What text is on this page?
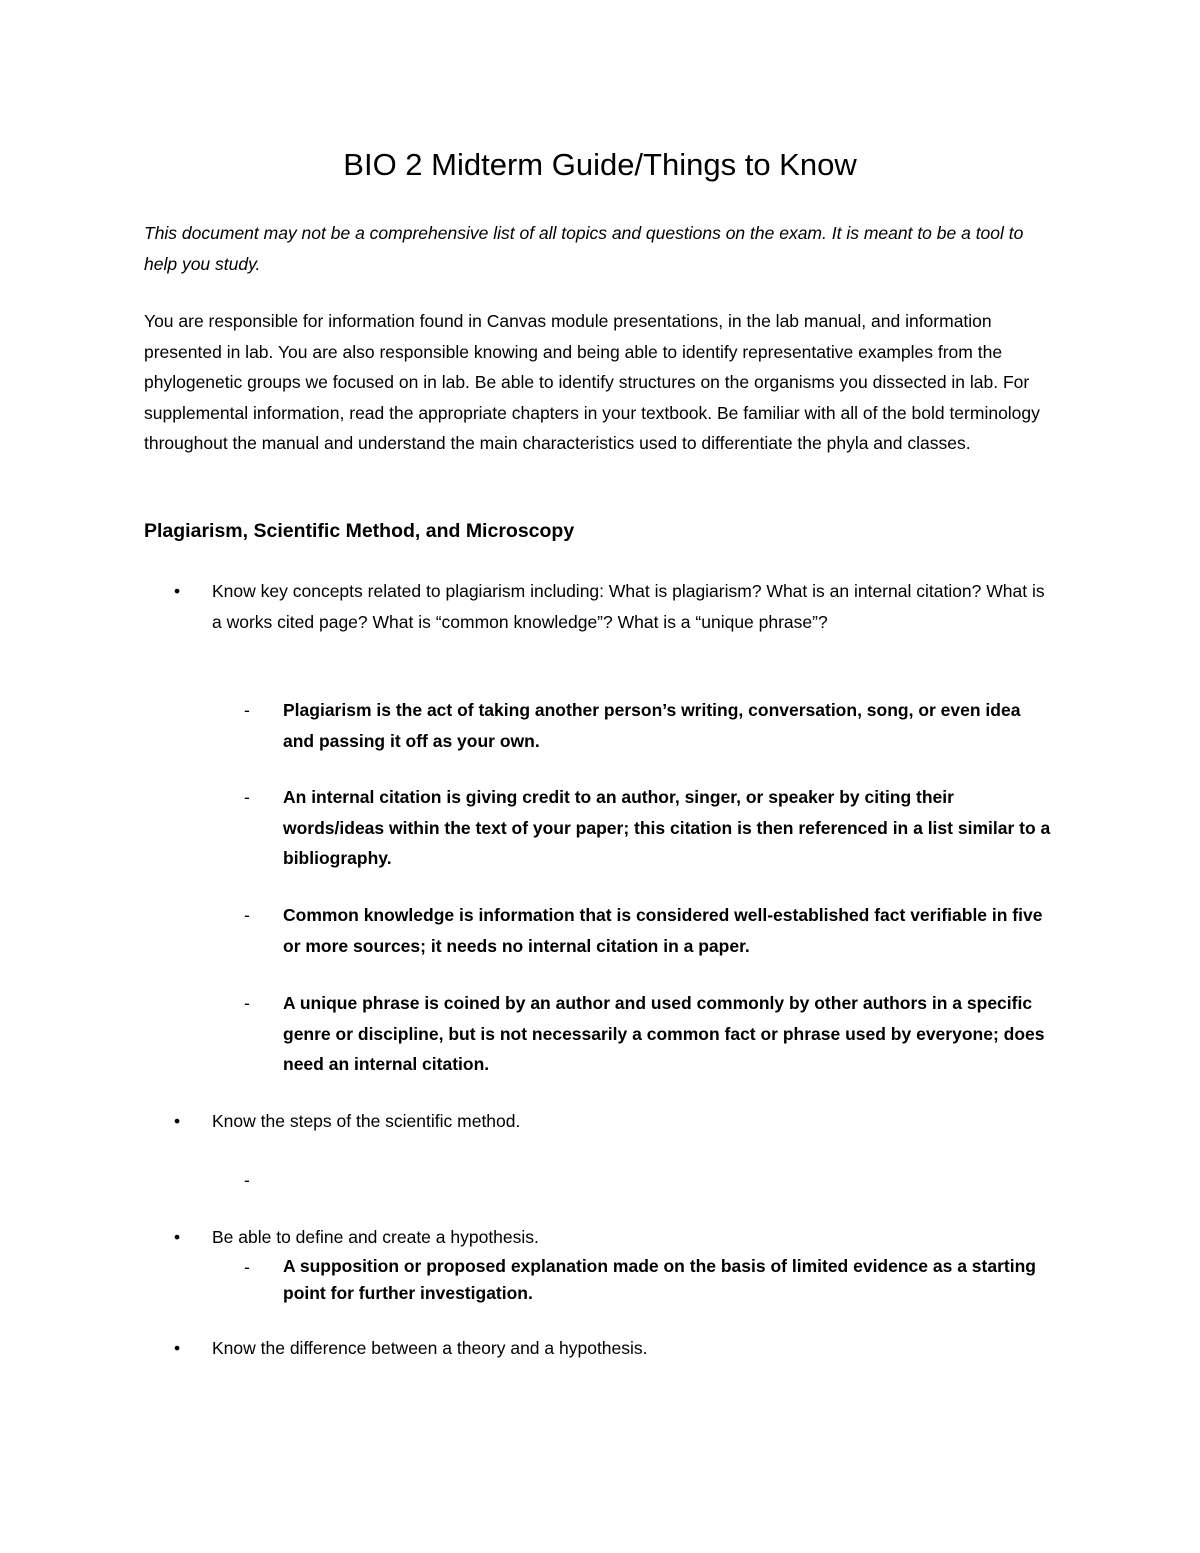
BIO 2 Midterm Guide/Things to Know

This document may not be a comprehensive list of all topics and questions on the exam. It is meant to be a tool to help you study.

You are responsible for information found in Canvas module presentations, in the lab manual, and information presented in lab. You are also responsible knowing and being able to identify representative examples from the phylogenetic groups we focused on in lab. Be able to identify structures on the organisms you dissected in lab. For supplemental information, read the appropriate chapters in your textbook. Be familiar with all of the bold terminology throughout the manual and understand the main characteristics used to differentiate the phyla and classes.

Plagiarism, Scientific Method, and Microscopy
• Know key concepts related to plagiarism including: What is plagiarism? What is an internal citation? What is a works cited page? What is “common knowledge”? What is a “unique phrase”?

- Plagiarism is the act of taking another person’s writing, conversation, song, or even idea and passing it off as your own.

- An internal citation is giving credit to an author, singer, or speaker by citing their words/ideas within the text of your paper; this citation is then referenced in a list similar to a bibliography.

- Common knowledge is information that is considered well-established fact verifiable in five or more sources; it needs no internal citation in a paper.

- A unique phrase is coined by an author and used commonly by other authors in a specific genre or discipline, but is not necessarily a common fact or phrase used by everyone; does need an internal citation.

• Know the steps of the scientific method.

-

• Be able to define and create a hypothesis.

- A supposition or proposed explanation made on the basis of limited evidence as a starting point for further investigation.

• Know the difference between a theory and a hypothesis.
